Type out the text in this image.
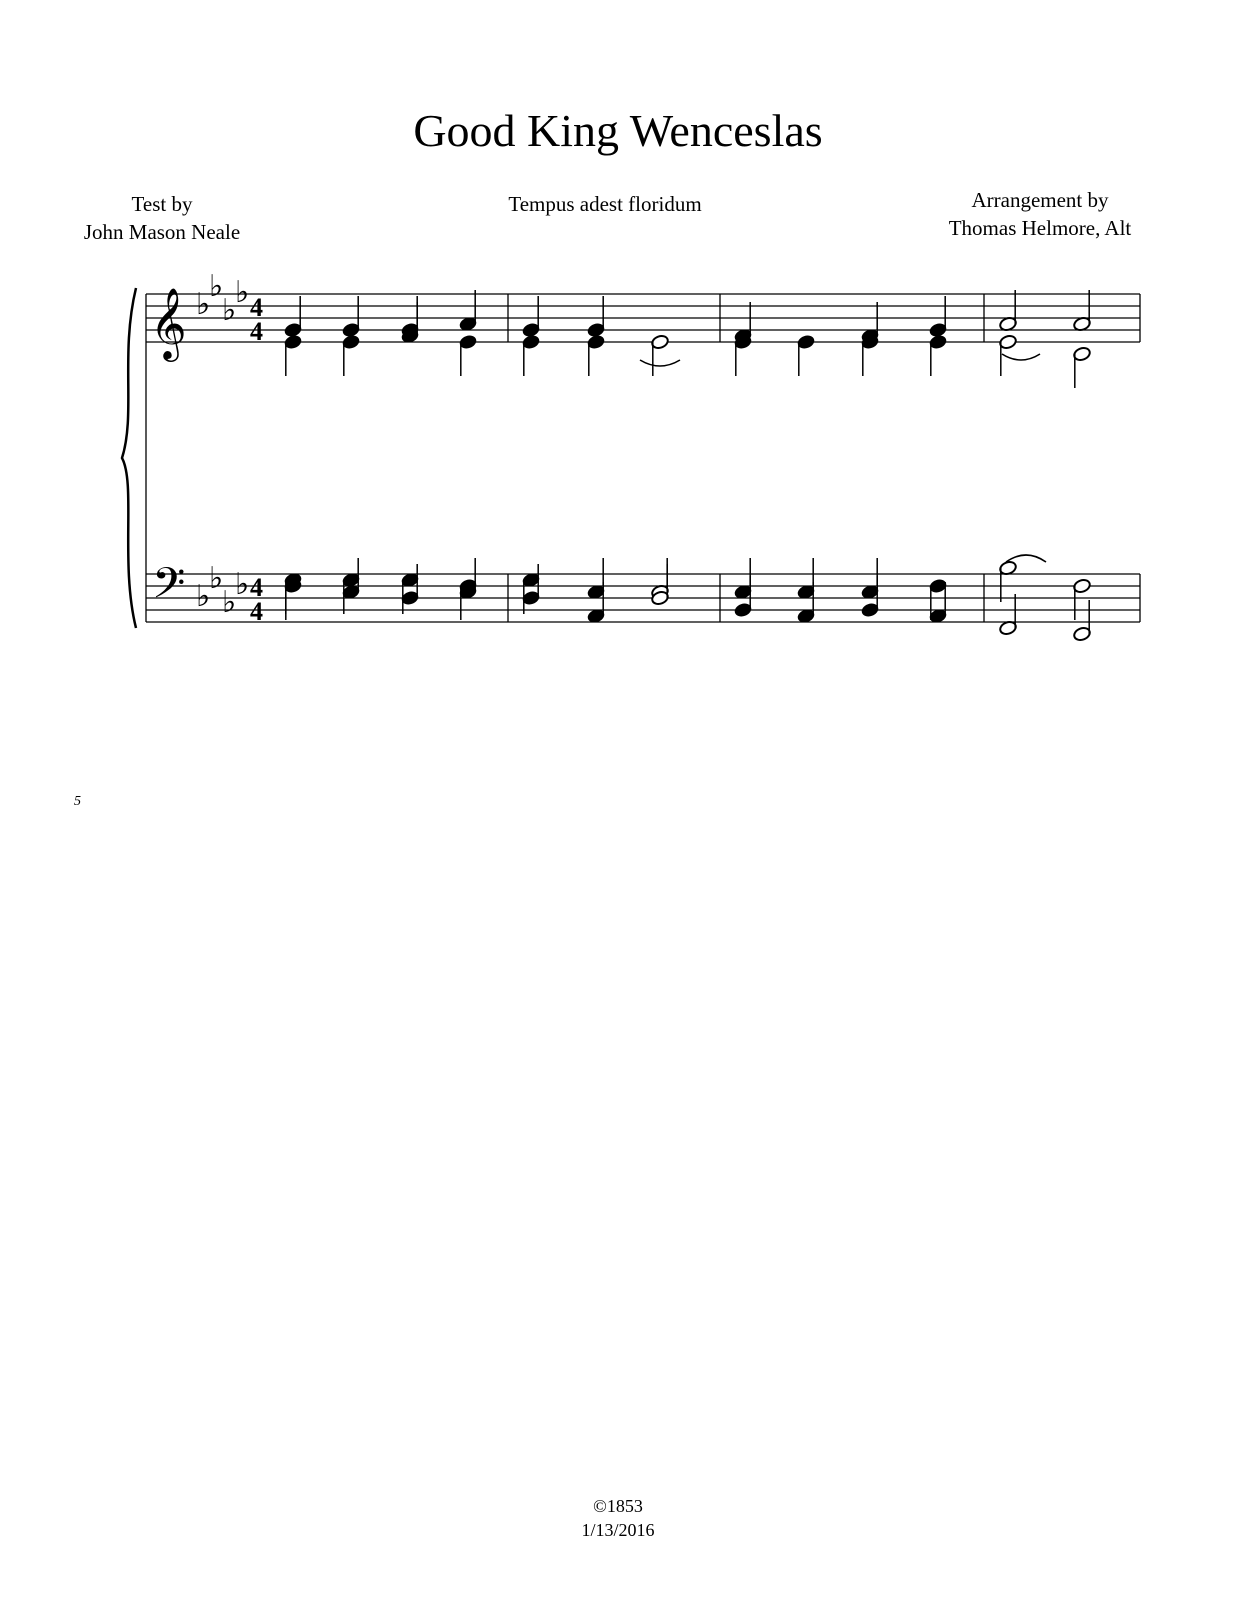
Good King Wenceslas
Test by
John Mason Neale
Tempus adest floridum	Arrangement by
Thomas Helmore, Alt
𝄞 ♭
♭
♭
♭ 4
4
𝄢 ♭
♭
♭
♭ 4
4
5
©1853
1/13/2016
